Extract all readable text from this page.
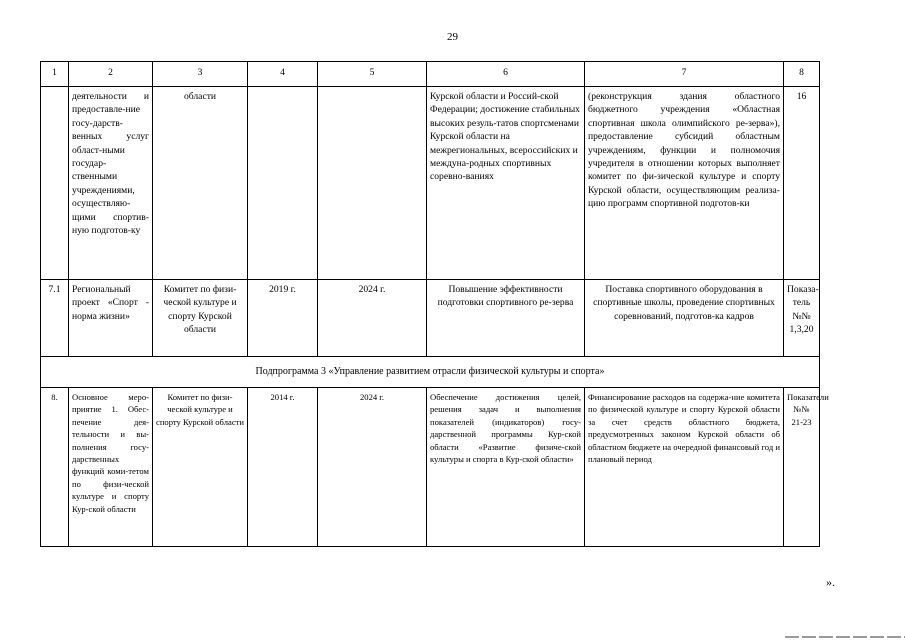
29
1	2	3	4	5	6	7	8
	деятельности и предоставле-ние госу-дарств-венных услуг област-ными государ-ственными учреждениями, осуществляю-щими спортив-ную подготов-ку	области			Курской области и Россий-ской Федерации; достижение стабильных высоких резуль-татов спортсменами Курской области на межрегиональных, всероссийских и междуна-родных спортивных соревно-ваниях	(реконструкция здания областного бюджетного учреждения «Областная спортивная школа олимпийского ре-зерва»), предоставление субсидий областным учреждениям, функции и полномочия учредителя в отношении которых выполняет комитет по фи-зической культуре и спорту Курской области, осуществляющим реализа-цию программ спортивной подготов-ки	16
7.1	Региональный проект «Спорт - норма жизни»	Комитет по физи-ческой культуре и спорту Курской области	2019 г.	2024 г.	Повышение эффективности подготовки спортивного ре-зерва	Поставка спортивного оборудования в спортивные школы, проведение спортивных соревнований, подготов-ка кадров	Показа-тель №№ 1,3,20
Подпрограмма 3 «Управление развитием отрасли физической культуры и спорта»							
8.	Основное меро-приятие 1. Обес-печение дея-тельности и вы-полнения госу-дарственных функций коми-тетом по физи-ческой культуре и спорту Кур-ской области	Комитет по физи-ческой культуре и спорту Курской области	2014 г.	2024 г.	Обеспечение достижения целей, решения задач и выполнения показателей (индикаторов) госу-дарственной программы Кур-ской области «Развитие физиче-ской культуры и спорта в Кур-ской области»	Финансирование расходов на содержа-ние комитета по физической культуре и спорту Курской области за счет средств областного бюджета, предусмотренных законом Курской области об областном бюджете на очередной финансовый год и плановый период	Показатели №№ 21-23
».
